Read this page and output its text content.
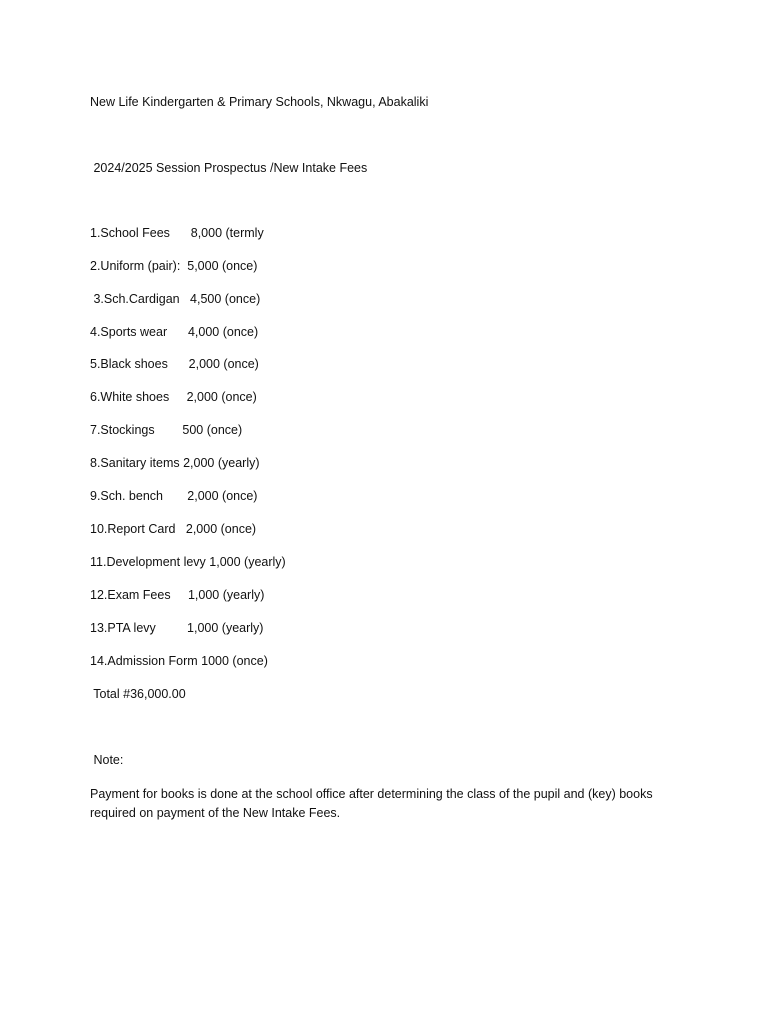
New Life Kindergarten & Primary Schools, Nkwagu, Abakaliki
2024/2025 Session Prospectus /New Intake Fees
1.School Fees      8,000 (termly
2.Uniform (pair):  5,000 (once)
3.Sch.Cardigan   4,500 (once)
4.Sports wear      4,000 (once)
5.Black shoes      2,000 (once)
6.White shoes     2,000 (once)
7.Stockings        500 (once)
8.Sanitary items 2,000 (yearly)
9.Sch. bench       2,000 (once)
10.Report Card   2,000 (once)
11.Development levy 1,000 (yearly)
12.Exam Fees     1,000 (yearly)
13.PTA levy         1,000 (yearly)
14.Admission Form 1000 (once)
Total #36,000.00
Note:
Payment for books is done at the school office after determining the class of the pupil and (key) books required on payment of the New Intake Fees.
